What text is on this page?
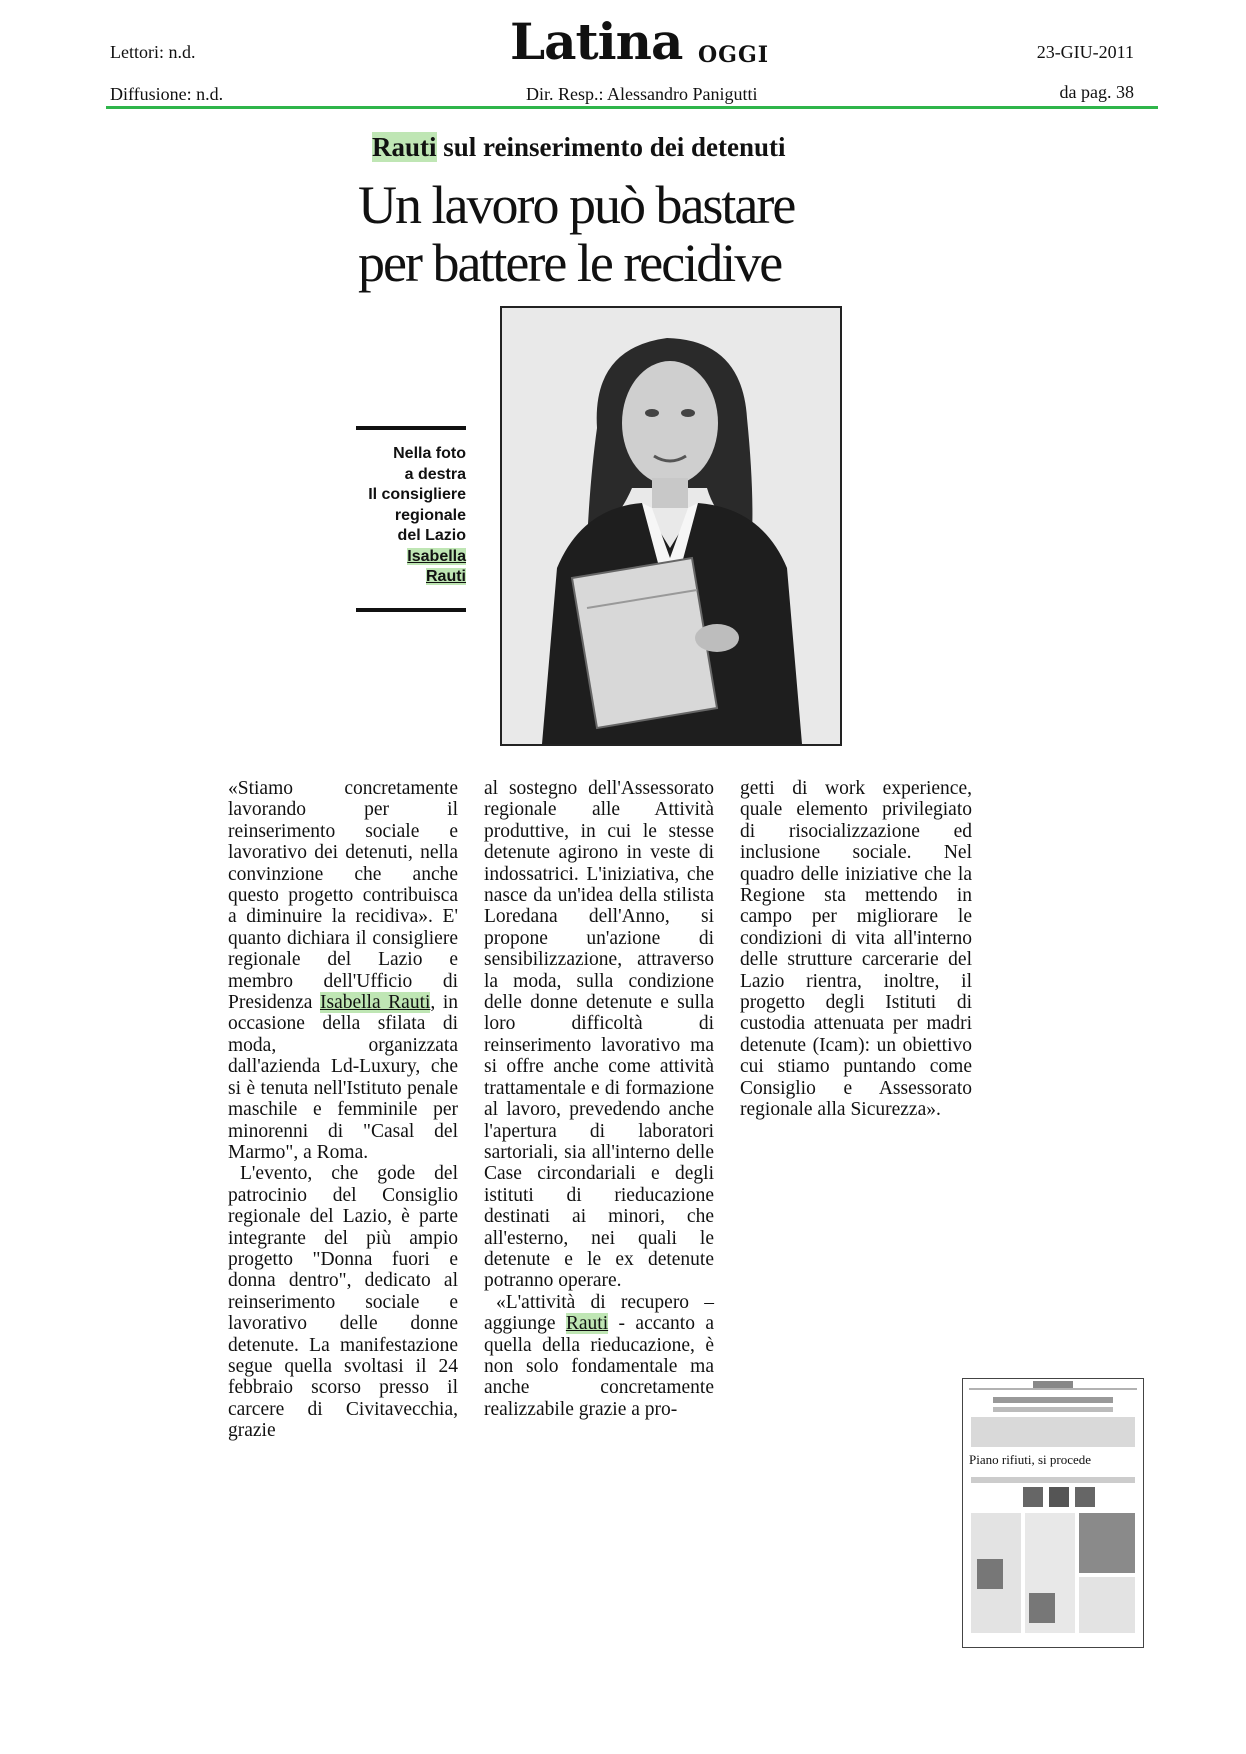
Lettori: n.d.
Diffusione: n.d.
Latina OGGI
Dir. Resp.: Alessandro Panigutti
23-GIU-2011
da pag. 38
Rauti sul reinserimento dei detenuti
Un lavoro può bastare
per battere le recidive
Nella foto
a destra
Il consigliere
regionale
del Lazio
Isabella
Rauti

«Stiamo concretamente lavorando per il reinserimento sociale e lavorativo dei detenuti, nella convinzione che anche questo progetto contribuisca a diminuire la recidiva». E' quanto dichiara il consigliere regionale del Lazio e membro dell'Ufficio di Presidenza Isabella Rauti, in occasione della sfilata di moda, organizzata dall'azienda Ld-Luxury, che si è tenuta nell'Istituto penale maschile e femminile per minorenni di "Casal del Marmo", a Roma.

L'evento, che gode del patrocinio del Consiglio regionale del Lazio, è parte integrante del più ampio progetto "Donna fuori e donna dentro", dedicato al reinserimento sociale e lavorativo delle donne detenute. La manifestazione segue quella svoltasi il 24 febbraio scorso presso il carcere di Civitavecchia, grazie

al sostegno dell'Assessorato regionale alle Attività produttive, in cui le stesse detenute agirono in veste di indossatrici. L'iniziativa, che nasce da un'idea della stilista Loredana dell'Anno, si propone un'azione di sensibilizzazione, attraverso la moda, sulla condizione delle donne detenute e sulla loro difficoltà di reinserimento lavorativo ma si offre anche come attività trattamentale e di formazione al lavoro, prevedendo anche l'apertura di laboratori sartoriali, sia all'interno delle Case circondariali e degli istituti di rieducazione destinati ai minori, che all'esterno, nei quali le detenute e le ex detenute potranno operare.

«L'attività di recupero – aggiunge Rauti - accanto a quella della rieducazione, è non solo fondamentale ma anche concretamente realizzabile grazie a pro-

getti di work experience, quale elemento privilegiato di risocializzazione ed inclusione sociale. Nel quadro delle iniziative che la Regione sta mettendo in campo per migliorare le condizioni di vita all'interno delle strutture carcerarie del Lazio rientra, inoltre, il progetto degli Istituti di custodia attenuata per madri detenute (Icam): un obiettivo cui stiamo puntando come Consiglio e Assessorato regionale alla Sicurezza».

Piano rifiuti, si procede
